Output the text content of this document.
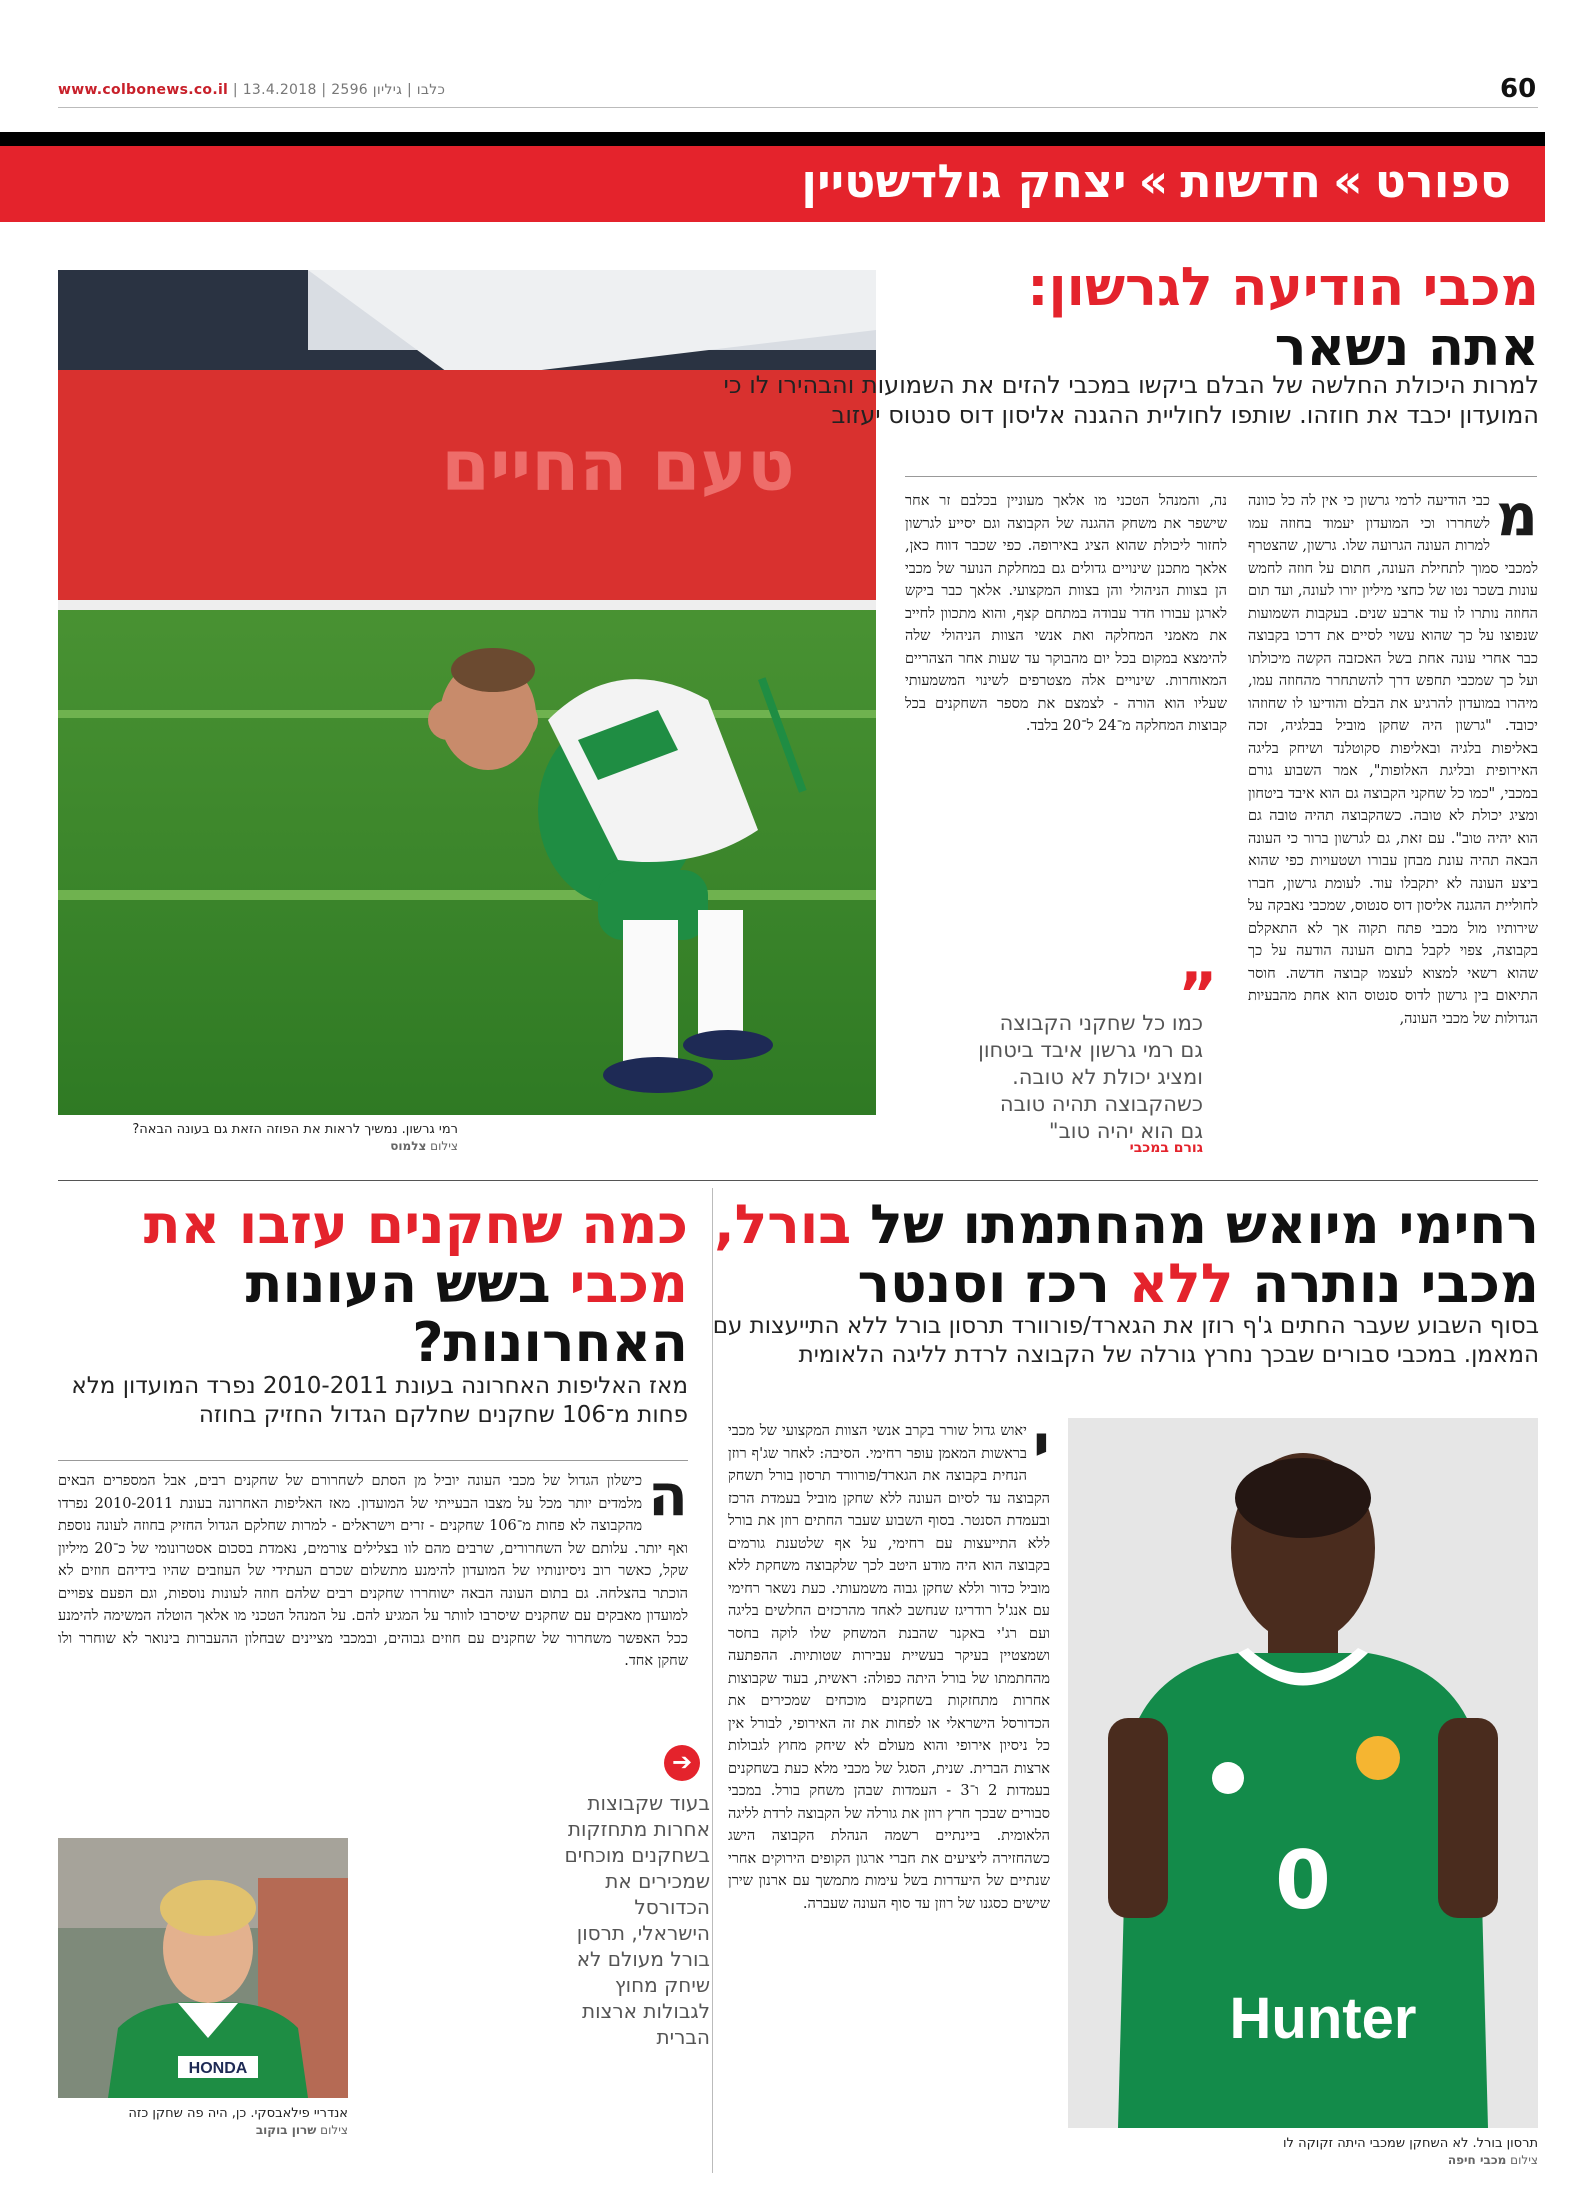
www.colbonews.co.il | כלבו | גיליון 2596 | 13.4.2018	60
ספורט»חדשות»יצחק גולדשטיין
טעם החיים
רמי גרשון. נמשיך לראות את הפוזה הזאת גם בעונה הבאה?
צילום צלמוס
מכבי הודיעה לגרשון:
אתה נשאר
למרות היכולת החלשה של הבלם ביקשו במכבי להזים את השמועות והבהירו לו כי המועדון יכבד את חוזהו. שותפו לחוליית ההגנה אליסון דוס סנטוס יעזוב
מ
כבי הודיעה לרמי גרשון כי אין לה כל כוונה לשחררו וכי המועדון יעמוד בחוזה עמו למרות העונה הגרועה שלו. גרשון, שהצטרף למכבי סמוך לתחילת העונה, חתום על חוזה לחמש עונות בשכר נטו של כחצי מיליון יורו לעונה, ועד תום החוזה נותרו לו עוד ארבע שנים. בעקבות השמועות שנפוצו על כך שהוא עשוי לסיים את דרכו בקבוצה כבר אחרי עונה אחת בשל האכזבה הקשה מיכולתו ועל כך שמכבי תחפש דרך להשתחרר מהחוזה עמו, מיהרו במועדון להרגיע את הבלם והודיעו לו שחוזהו יכובד. "גרשון היה שחקן מוביל בבלגיה, זכה באליפות בלגיה ובאליפות סקוטלנד ושיחק בליגה האירופית ובליגת האלופות", אמר השבוע גורם במכבי, "כמו כל שחקני הקבוצה גם הוא איבד ביטחון ומציג יכולת לא טובה. כשהקבוצה תהיה טובה גם הוא יהיה טוב". עם זאת, גם לגרשון ברור כי העונה הבאה תהיה עונת מבחן עבורו ושטעויות כפי שהוא ביצע העונה לא יתקבלו עוד. לעומת גרשון, חברו לחוליית ההגנה אליסון דוס סנטוס, שמכבי נאבקה על שירותיו מול מכבי פתח תקוה אך לא התאקלם בקבוצה, צפוי לקבל בתום העונה הודעה על כך שהוא רשאי למצוא לעצמו קבוצה חדשה. חוסר התיאום בין גרשון לדוס סנטוס הוא אחת מהבעיות הגדולות של מכבי העונה,
נה, והמנהל הטכני מו אלאך מעוניין בכלבם זר אחר שישפר את משחק ההגנה של הקבוצה וגם יסייע לגרשון לחזור ליכולת שהוא הציג באירופה. כפי שכבר דווח כאן, אלאך מתכנן שינויים גדולים גם במחלקת הנוער של מכבי הן בצוות הניהולי והן בצוות המקצועי. אלאך כבר ביקש לארגן עבורו חדר עבודה במתחם קצף, והוא מתכוון לחייב את מאמני המחלקה ואת אנשי הצוות הניהולי שלה להימצא במקום בכל יום מהבוקר עד שעות אחר הצהריים המאוחרות. שינויים אלה מצטרפים לשינוי המשמעותי שעליו הוא הורה - לצמצם את מספר השחקנים בכל קבוצות המחלקה מ־24 ל־20 בלבד.
”
כמו כל שחקני הקבוצה גם רמי גרשון איבד ביטחון ומציג יכולת לא טובה. כשהקבוצה תהיה טובה גם הוא יהיה טוב"
גורם במכבי
רחימי מיואש מהחתמתו של בורל, מכבי נותרה ללא רכז וסנטר
בסוף השבוע שעבר החתים ג'ף רוזן את הגארד/פורוורד תרסון בורל ללא התייעצות עם המאמן. במכבי סבורים שבכך נחרץ גורלה של הקבוצה לרדת לליגה הלאומית
0
Hunter
תרסון בורל. לא השחקן שמכבי היתה זקוקה לו
צילום מכבי חיפה
י
יאוש גדול שורר בקרב אנשי הצוות המקצועי של מכבי בראשות המאמן עופר רחימי. הסיבה: לאחר שג'ף רוזן הנחית בקבוצה את הגארד/פורוורד תרסון בורל תשחק הקבוצה עד לסיום העונה ללא שחקן מוביל בעמדת הרכז ובעמדת הסנטר. בסוף השבוע שעבר החתים רוזן את בורל ללא התייעצות עם רחימי, על אף שלטענת גורמים בקבוצה הוא היה מודע היטב לכך שלקבוצה משחקת ללא מוביל כדור וללא שחקן גבוה משמעותי. כעת נשאר רחימי עם אנג'ל רודריגז שנחשב לאחד מהרכזים החלשים בליגה ועם רג'י באקנר שהבנת המשחק שלו לוקה בחסר ושמצטיין בעיקר בעשיית עבירות שטותיות. ההפתעה מהחתמתו של בורל היתה כפולה: ראשית, בעוד שקבוצות אחרות מתחזקות בשחקנים מוכחים שמכירים את הכדורסל הישראלי או לפחות את זה האירופי, לבורל אין כל ניסיון אירופי והוא מעולם לא שיחק מחוץ לגבולות ארצות הברית. שנית, הסגל של מכבי מלא כעת בשחקנים בעמדות 2 ו־3 - העמדות שבהן משחק בורל. במכבי סבורים שבכך חרץ רוזן את גורלה של הקבוצה לרדת לליגה הלאומית. ביינתיים רשמה הנהלת הקבוצה הישג כשהחזירה ליציעים את חברי ארגון הקופים הירוקים אחרי שנתיים של היעדרות בשל עימות מתמשך עם ארנון שירן שישים כסגנו של רוזן עד סוף העונה שעברה.
➔
בעוד שקבוצות אחרות מתחזקות בשחקנים מוכחים שמכירים את הכדורסל הישראלי, תרסון בורל מעולם לא שיחק מחוץ לגבולות ארצות הברית
כמה שחקנים עזבו את מכבי בשש העונות האחרונות?
מאז האליפות האחרונה בעונת 2010-2011 נפרד המועדון מלא פחות מ־106 שחקנים שחלקם הגדול החזיק בחוזה
ה
כישלון הגדול של מכבי העונה יוביל מן הסתם לשחרורם של שחקנים רבים, אבל המספרים הבאים מלמדים יותר מכל על מצבו הבעייתי של המועדון. מאז האליפות האחרונה בעונת 2010-2011 נפרדו מהקבוצה לא פחות מ־106 שחקנים - זרים וישראלים - למרות שחלקם הגדול החזיק בחוזה לעונה נוספת ואף יותר. עלותם של השחרורים, שרבים מהם לוו בצלילים צורמים, נאמדת בסכום אסטרונומי של כ־20 מיליון שקל, כאשר רוב ניסיונותיו של המועדון להימנע מתשלום שכרם העתידי של העוזבים שהיו בידיהם חוזים לא הוכתר בהצלחה. גם בתום העונה הבאה ישוחררו שחקנים רבים שלהם חוזה לעונות נוספות, וגם הפעם צפויים למועדון מאבקים עם שחקנים שיסרבו לוותר על המגיע להם. על המנהל הטכני מו אלאך הוטלה המשימה להימנע ככל האפשר משחרור של שחקנים עם חוזים גבוהים, ובמכבי מציינים שבחלון ההעברות בינואר לא שוחרר ולו שחקן אחד.
HONDA
אנדריי פילאבסקי. כן, היה פה שחקן כזה
צילום שרון בוקוב
